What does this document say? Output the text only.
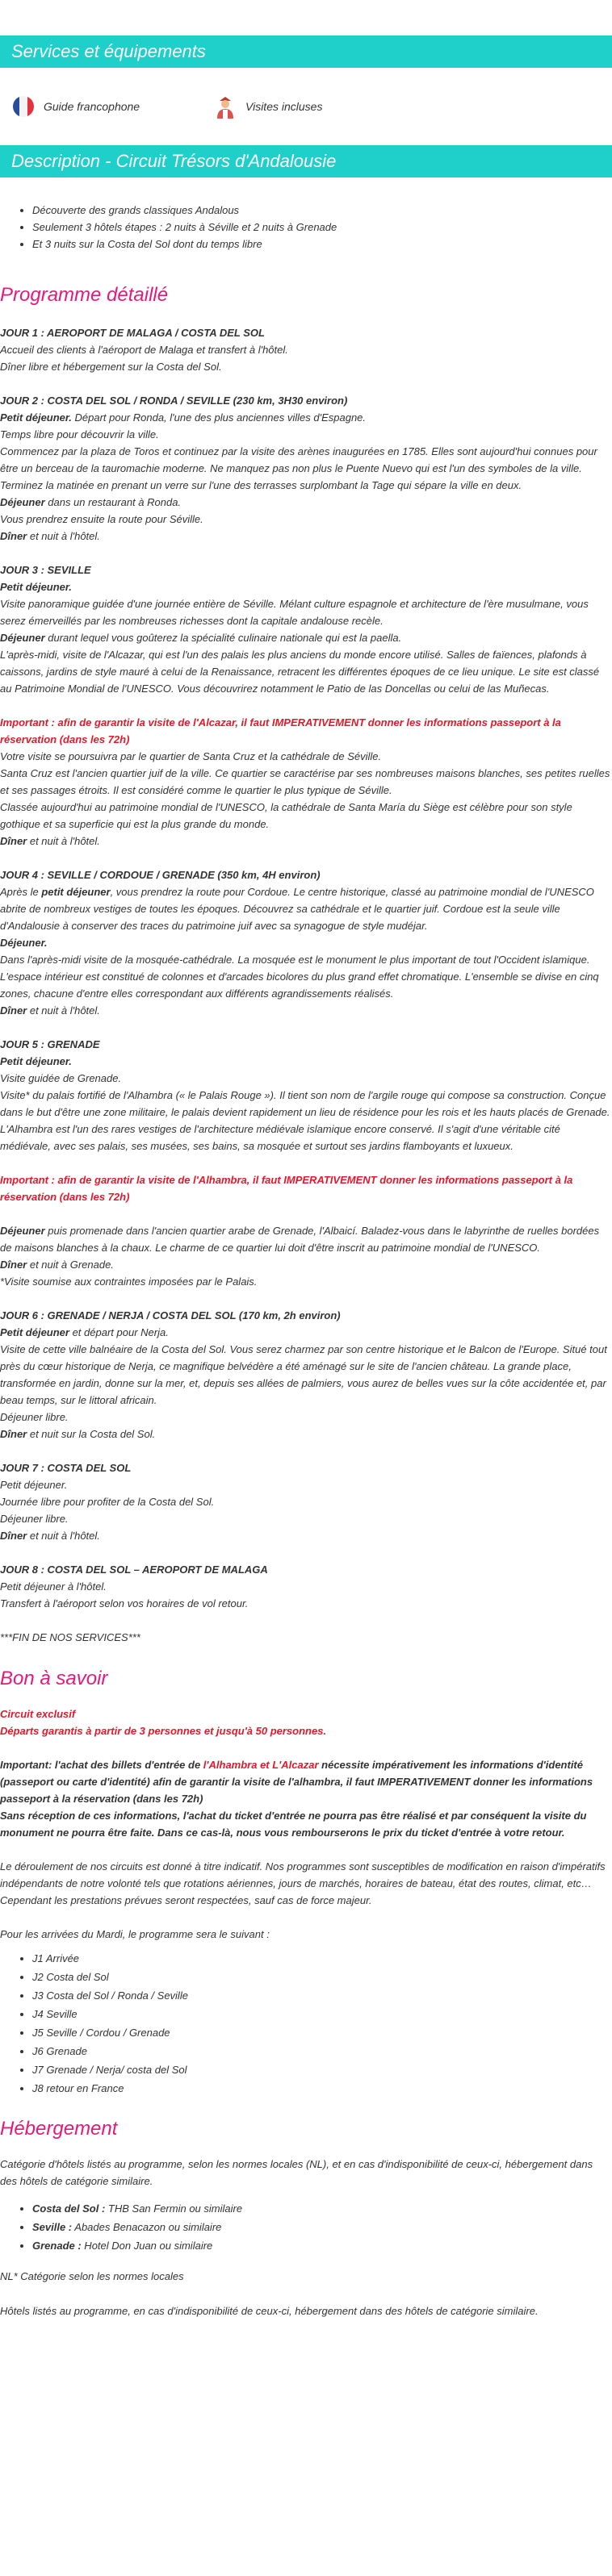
Services et équipements
Guide francophone	Visites incluses
Description - Circuit Trésors d'Andalousie
• Découverte des grands classiques Andalous
• Seulement 3 hôtels étapes : 2 nuits à Séville et 2 nuits à Grenade
• Et 3 nuits sur la Costa del Sol dont du temps libre
Programme détaillé

JOUR 1 : AEROPORT DE MALAGA / COSTA DEL SOL

Accueil des clients à l'aéroport de Malaga et transfert à l'hôtel.

Dîner libre et hébergement sur la Costa del Sol.

JOUR 2 : COSTA DEL SOL / RONDA / SEVILLE (230 km, 3H30 environ)

Petit déjeuner. Départ pour Ronda, l'une des plus anciennes villes d'Espagne.

Temps libre pour découvrir la ville.

Commencez par la plaza de Toros et continuez par la visite des arènes inaugurées en 1785. Elles sont aujourd'hui connues pour être un berceau de la tauromachie moderne. Ne manquez pas non plus le Puente Nuevo qui est l'un des symboles de la ville. Terminez la matinée en prenant un verre sur l'une des terrasses surplombant la Tage qui sépare la ville en deux.

Déjeuner dans un restaurant à Ronda.

Vous prendrez ensuite la route pour Séville.

Dîner et nuit à l'hôtel.

JOUR 3 : SEVILLE

Petit déjeuner.

Visite panoramique guidée d'une journée entière de Séville. Mélant culture espagnole et architecture de l'ère musulmane, vous serez émerveillés par les nombreuses richesses dont la capitale andalouse recèle.

Déjeuner durant lequel vous goûterez la spécialité culinaire nationale qui est la paella.

L'après-midi, visite de l'Alcazar, qui est l'un des palais les plus anciens du monde encore utilisé. Salles de faïences, plafonds à caissons, jardins de style mauré à celui de la Renaissance, retracent les différentes époques de ce lieu unique. Le site est classé au Patrimoine Mondial de l'UNESCO. Vous découvrirez notamment le Patio de las Doncellas ou celui de las Muñecas.

Important : afin de garantir la visite de l'Alcazar, il faut IMPERATIVEMENT donner les informations passeport à la réservation (dans les 72h)

Votre visite se poursuivra par le quartier de Santa Cruz et la cathédrale de Séville.

Santa Cruz est l'ancien quartier juif de la ville. Ce quartier se caractérise par ses nombreuses maisons blanches, ses petites ruelles et ses passages étroits. Il est considéré comme le quartier le plus typique de Séville.

Classée aujourd'hui au patrimoine mondial de l'UNESCO, la cathédrale de Santa María du Siège est célèbre pour son style gothique et sa superficie qui est la plus grande du monde.

Dîner et nuit à l'hôtel.

JOUR 4 : SEVILLE / CORDOUE / GRENADE (350 km, 4H environ)

Après le petit déjeuner, vous prendrez la route pour Cordoue. Le centre historique, classé au patrimoine mondial de l'UNESCO abrite de nombreux vestiges de toutes les époques. Découvrez sa cathédrale et le quartier juif. Cordoue est la seule ville d'Andalousie à conserver des traces du patrimoine juif avec sa synagogue de style mudéjar.

Déjeuner.

Dans l'après-midi visite de la mosquée-cathédrale. La mosquée est le monument le plus important de tout l'Occident islamique. L'espace intérieur est constitué de colonnes et d'arcades bicolores du plus grand effet chromatique. L'ensemble se divise en cinq zones, chacune d'entre elles correspondant aux différents agrandissements réalisés.

Dîner et nuit à l'hôtel.

JOUR 5 : GRENADE

Petit déjeuner.

Visite guidée de Grenade.

Visite* du palais fortifié de l'Alhambra (« le Palais Rouge »). Il tient son nom de l'argile rouge qui compose sa construction. Conçue dans le but d'être une zone militaire, le palais devient rapidement un lieu de résidence pour les rois et les hauts placés de Grenade. L'Alhambra est l'un des rares vestiges de l'architecture médiévale islamique encore conservé. Il s'agit d'une véritable cité médiévale, avec ses palais, ses musées, ses bains, sa mosquée et surtout ses jardins flamboyants et luxueux.

Important : afin de garantir la visite de l'Alhambra, il faut IMPERATIVEMENT donner les informations passeport à la réservation (dans les 72h)

Déjeuner puis promenade dans l'ancien quartier arabe de Grenade, l'Albaicí. Baladez-vous dans le labyrinthe de ruelles bordées de maisons blanches à la chaux. Le charme de ce quartier lui doit d'être inscrit au patrimoine mondial de l'UNESCO.

Dîner et nuit à Grenade.

*Visite soumise aux contraintes imposées par le Palais.

JOUR 6 : GRENADE / NERJA / COSTA DEL SOL (170 km, 2h environ)

Petit déjeuner et départ pour Nerja.

Visite de cette ville balnéaire de la Costa del Sol. Vous serez charmez par son centre historique et le Balcon de l'Europe. Situé tout près du cœur historique de Nerja, ce magnifique belvédère a été aménagé sur le site de l'ancien château. La grande place, transformée en jardin, donne sur la mer, et, depuis ses allées de palmiers, vous aurez de belles vues sur la côte accidentée et, par beau temps, sur le littoral africain.

Déjeuner libre.

Dîner et nuit sur la Costa del Sol.

JOUR 7 : COSTA DEL SOL

Petit déjeuner.

Journée libre pour profiter de la Costa del Sol.

Déjeuner libre.

Dîner et nuit à l'hôtel.

JOUR 8 : COSTA DEL SOL – AEROPORT DE MALAGA

Petit déjeuner à l'hôtel.

Transfert à l'aéroport selon vos horaires de vol retour.

***FIN DE NOS SERVICES***

Bon à savoir

Circuit exclusif

Départs garantis à partir de 3 personnes et jusqu'à 50 personnes.

Important: l'achat des billets d'entrée de l'Alhambra et L'Alcazar nécessite impérativement les informations d'identité (passeport ou carte d'identité) afin de garantir la visite de l'alhambra, il faut IMPERATIVEMENT donner les informations passeport à la réservation (dans les 72h)

Sans réception de ces informations, l'achat du ticket d'entrée ne pourra pas être réalisé et par conséquent la visite du monument ne pourra être faite. Dans ce cas-là, nous vous rembourserons le prix du ticket d'entrée à votre retour.

Le déroulement de nos circuits est donné à titre indicatif. Nos programmes sont susceptibles de modification en raison d'impératifs indépendants de notre volonté tels que rotations aériennes, jours de marchés, horaires de bateau, état des routes, climat, etc… Cependant les prestations prévues seront respectées, sauf cas de force majeur.

Pour les arrivées du Mardi, le programme sera le suivant :

• J1 Arrivée
• J2 Costa del Sol
• J3 Costa del Sol / Ronda / Seville
• J4 Seville
• J5 Seville / Cordou / Grenade
• J6 Grenade
• J7 Grenade / Nerja/ costa del Sol
• J8 retour en France
Hébergement

Catégorie d'hôtels listés au programme, selon les normes locales (NL), et en cas d'indisponibilité de ceux-ci, hébergement dans des hôtels de catégorie similaire.

• Costa del Sol : THB San Fermin ou similaire
• Seville : Abades Benacazon ou similaire
• Grenade : Hotel Don Juan ou similaire

NL* Catégorie selon les normes locales

Hôtels listés au programme, en cas d'indisponibilité de ceux-ci, hébergement dans des hôtels de catégorie similaire.
